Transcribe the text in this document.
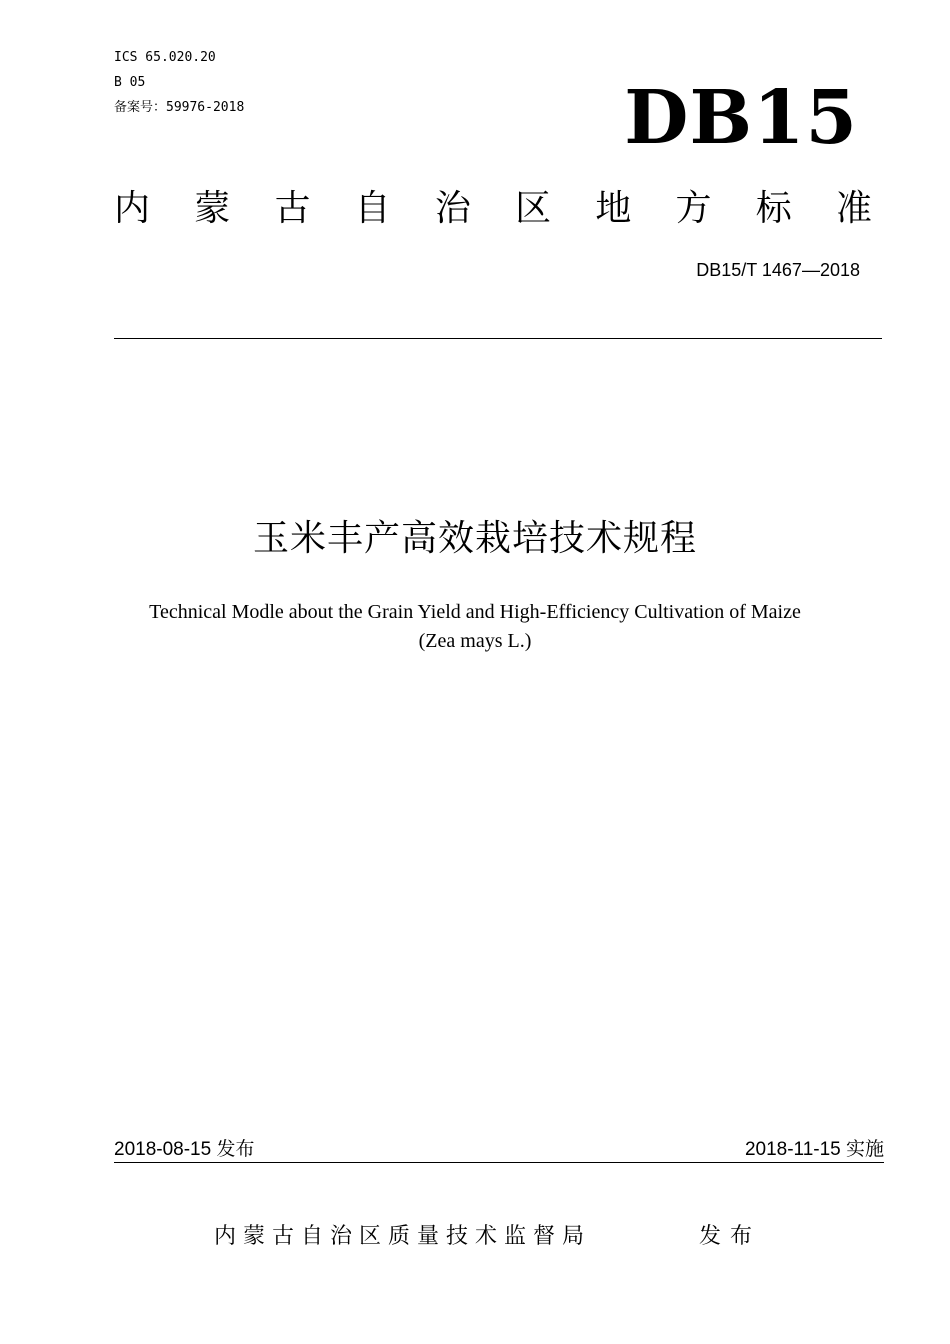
ICS 65.020.20
B 05
备案号：59976-2018	DB15
内 蒙 古 自 治 区 地 方 标 准
DB15/T 1467—2018
玉米丰产高效栽培技术规程
Technical Modle about the Grain Yield and High-Efficiency Cultivation of Maize
(Zea mays L.)
2018-08-15 发布	2018-11-15 实施
内蒙古自治区质量技术监督局	发布
